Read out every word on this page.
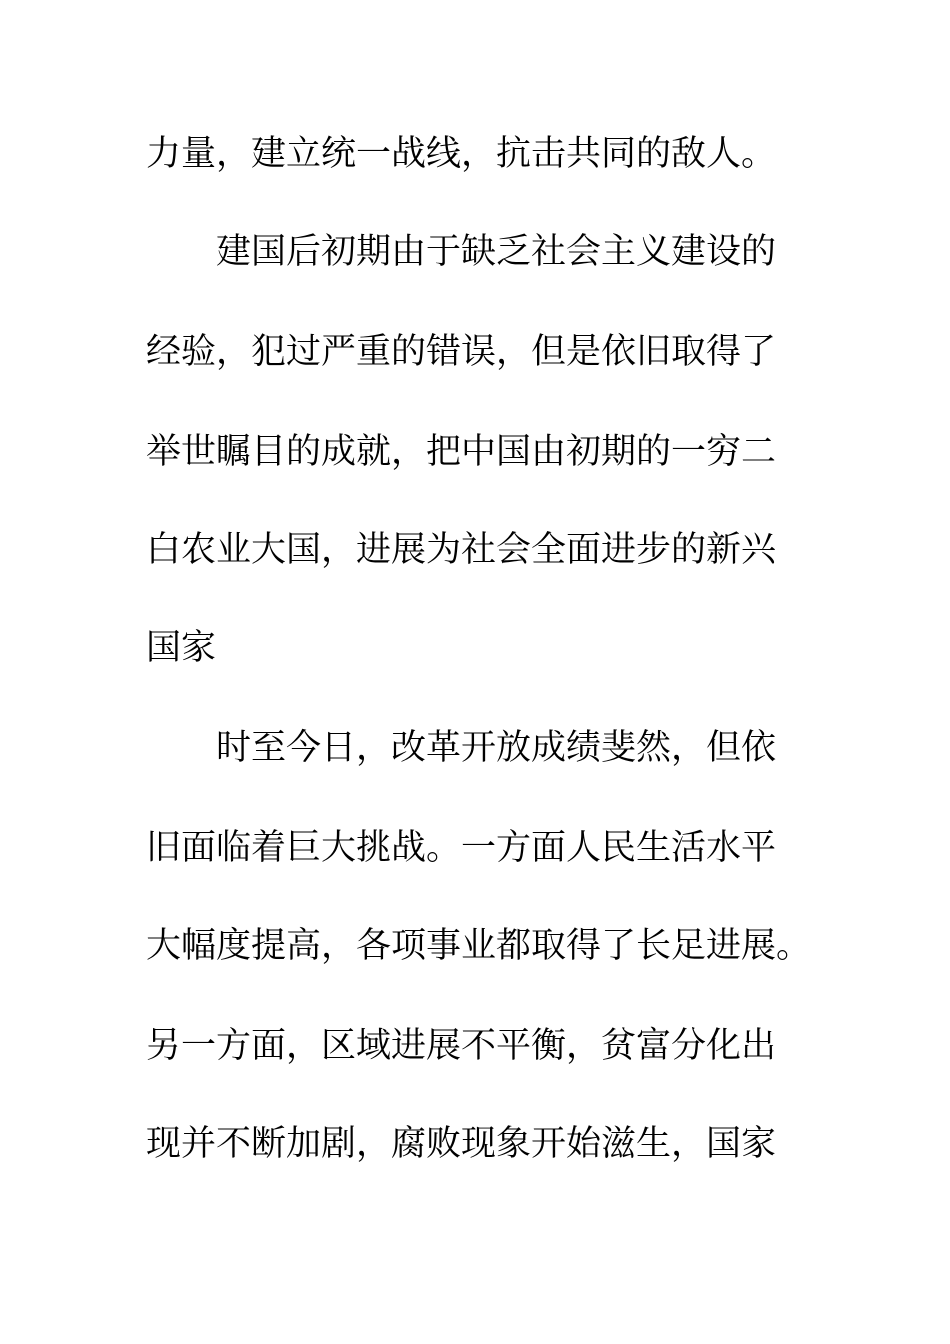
力量，建立统一战线，抗击共同的敌人。
建国后初期由于缺乏社会主义建设的
经验，犯过严重的错误，但是依旧取得了
举世瞩目的成就，把中国由初期的一穷二
白农业大国，进展为社会全面进步的新兴
国家
时至今日，改革开放成绩斐然，但依
旧面临着巨大挑战。一方面人民生活水平
大幅度提高，各项事业都取得了长足进展。
另一方面，区域进展不平衡，贫富分化出
现并不断加剧，腐败现象开始滋生，国家
